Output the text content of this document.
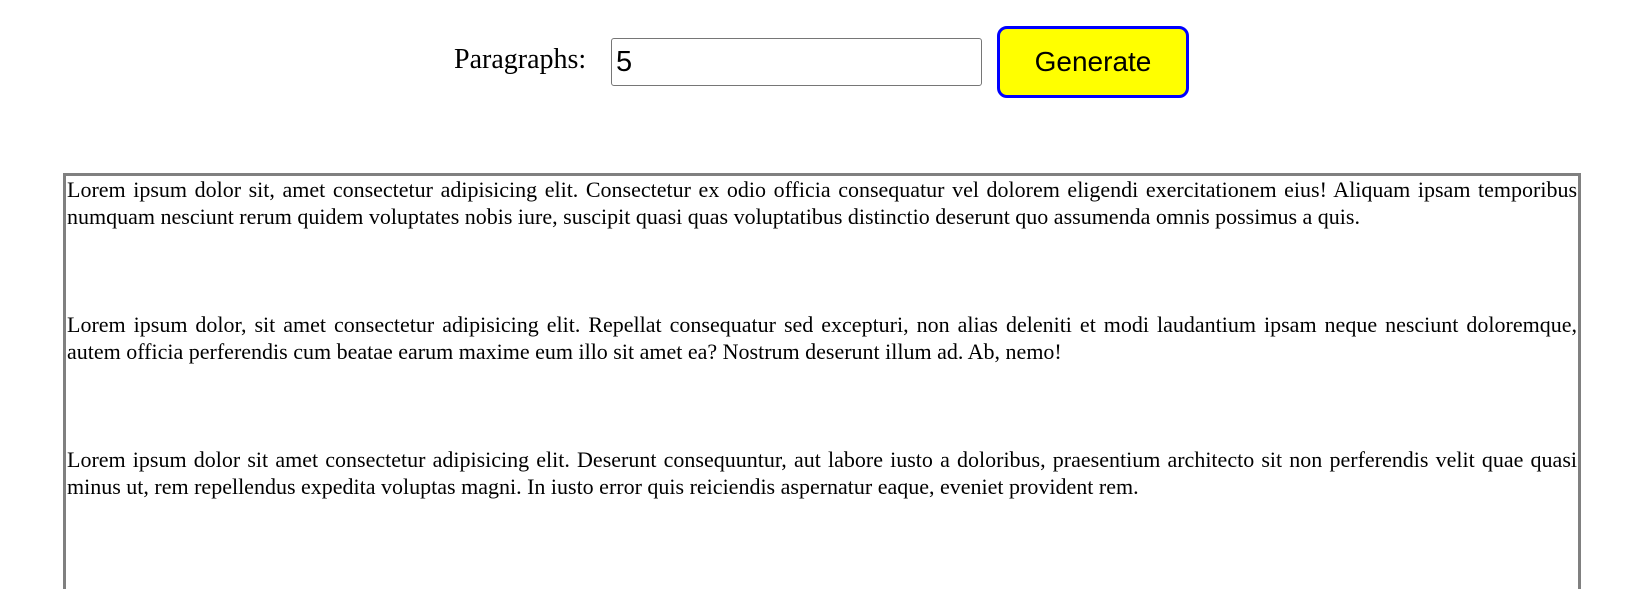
Paragraphs:
5	Generate

Lorem ipsum dolor sit, amet consectetur adipisicing elit. Consectetur ex odio officia consequatur vel dolorem eligendi exercitationem eius! Aliquam ipsam temporibus numquam nesciunt rerum quidem voluptates nobis iure, suscipit quasi quas voluptatibus distinctio deserunt quo assumenda omnis possimus a quis.

Lorem ipsum dolor, sit amet consectetur adipisicing elit. Repellat consequatur sed excepturi, non alias deleniti et modi laudantium ipsam neque nesciunt doloremque, autem officia perferendis cum beatae earum maxime eum illo sit amet ea? Nostrum deserunt illum ad. Ab, nemo!

Lorem ipsum dolor sit amet consectetur adipisicing elit. Deserunt consequuntur, aut labore iusto a doloribus, praesentium architecto sit non perferendis velit quae quasi minus ut, rem repellendus expedita voluptas magni. In iusto error quis reiciendis aspernatur eaque, eveniet provident rem.
